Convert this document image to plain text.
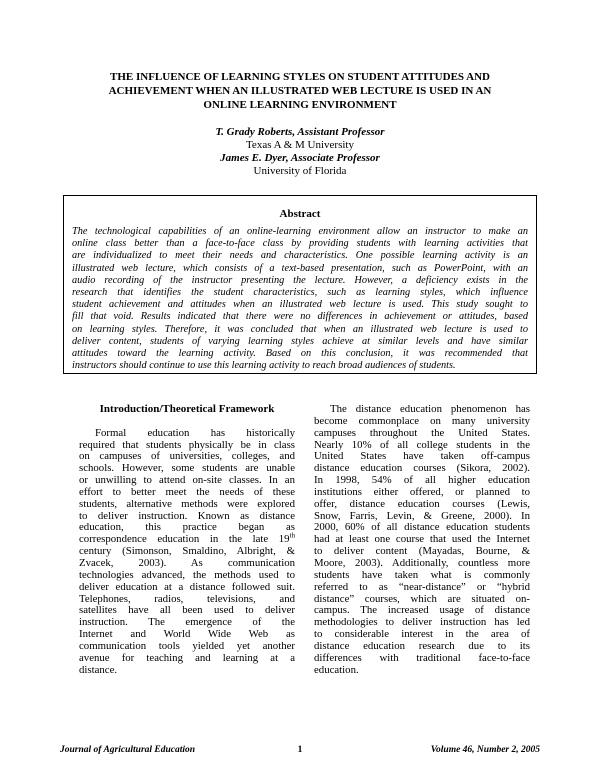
THE INFLUENCE OF LEARNING STYLES ON STUDENT ATTITUDES AND
ACHIEVEMENT WHEN AN ILLUSTRATED WEB LECTURE IS USED IN AN
ONLINE LEARNING ENVIRONMENT
T. Grady Roberts, Assistant Professor
Texas A & M University
James E. Dyer, Associate Professor
University of Florida
Abstract
The technological capabilities of an online-learning environment allow an instructor to make an
online class better than a face-to-face class by providing students with learning activities that
are individualized to meet their needs and characteristics. One possible learning activity is an
illustrated web lecture, which consists of a text-based presentation, such as PowerPoint, with an
audio recording of the instructor presenting the lecture. However, a deficiency exists in the
research that identifies the student characteristics, such as learning styles, which influence
student achievement and attitudes when an illustrated web lecture is used. This study sought to
fill that void. Results indicated that there were no differences in achievement or attitudes, based
on learning styles. Therefore, it was concluded that when an illustrated web lecture is used to
deliver content, students of varying learning styles achieve at similar levels and have similar
attitudes toward the learning activity. Based on this conclusion, it was recommended that
instructors should continue to use this learning activity to reach broad audiences of students.
Introduction/Theoretical Framework
Formal education has historically
required that students physically be in class
on campuses of universities, colleges, and
schools. However, some students are unable
or unwilling to attend on-site classes. In an
effort to better meet the needs of these
students, alternative methods were explored
to deliver instruction. Known as distance
education, this practice began as
correspondence education in the late 19th
century (Simonson, Smaldino, Albright, &
Zvacek, 2003). As communication
technologies advanced, the methods used to
deliver education at a distance followed suit.
Telephones, radios, televisions, and
satellites have all been used to deliver
instruction. The emergence of the
Internet and World Wide Web as
communication tools yielded yet another
avenue for teaching and learning at a
distance.
The distance education phenomenon has
become commonplace on many university
campuses throughout the United States.
Nearly 10% of all college students in the
United States have taken off-campus
distance education courses (Sikora, 2002).
In 1998, 54% of all higher education
institutions either offered, or planned to
offer, distance education courses (Lewis,
Snow, Farris, Levin, & Greene, 2000). In
2000, 60% of all distance education students
had at least one course that used the Internet
to deliver content (Mayadas, Bourne, &
Moore, 2003). Additionally, countless more
students have taken what is commonly
referred to as “near-distance” or “hybrid
distance” courses, which are situated on-
campus. The increased usage of distance
methodologies to deliver instruction has led
to considerable interest in the area of
distance education research due to its
differences with traditional face-to-face
education.
Journal of Agricultural Education	1	Volume 46, Number 2, 2005
